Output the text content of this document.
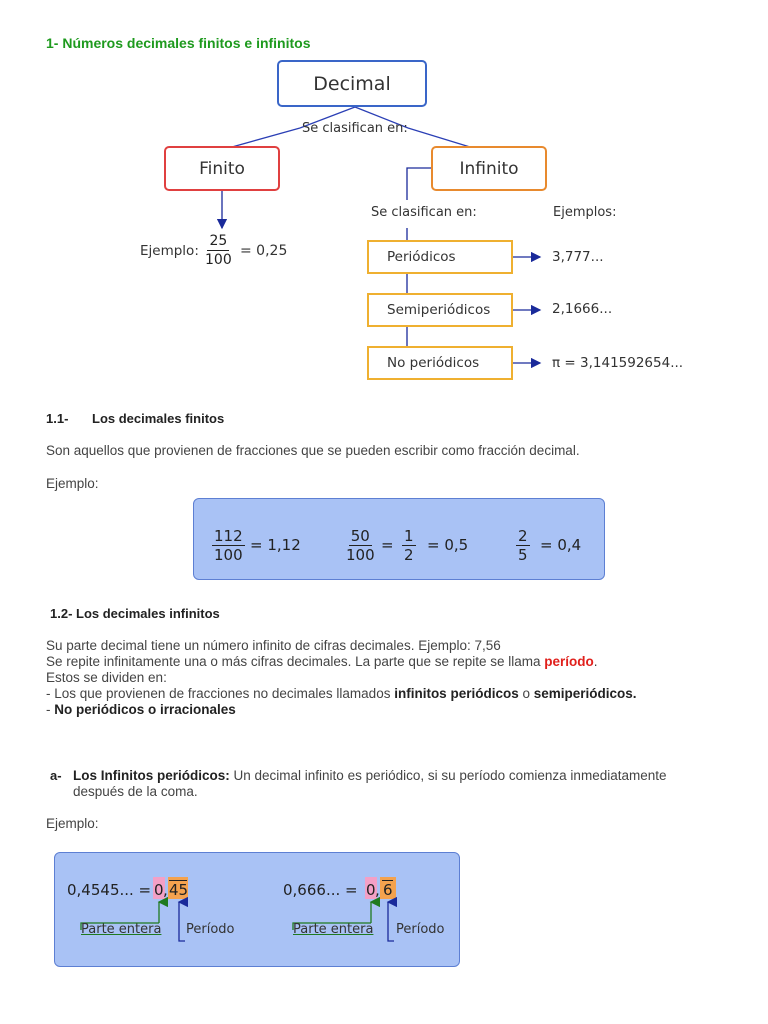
1- Números decimales finitos e infinitos
Decimal
Se clasifican en:
Finito	Infinito
Ejemplo: $\frac{25}{100} = 0,25$
Se clasifican en:	Ejemplos:
Periódicos
Semiperiódicos
No periódicos
3,777...
2,1666...
π = 3,141592654...
1.1- Los decimales finitos
Son aquellos que provienen de fracciones que se pueden escribir como fracción decimal.
Ejemplo:
$\frac{112}{100} = 1,12$	$\frac{50}{100} = \frac{1}{2} = 0,5$	$\frac{2}{5} = 0,4$
1.2- Los decimales infinitos
Su parte decimal tiene un número infinito de cifras decimales. Ejemplo: 7,56
Se repite infinitamente una o más cifras decimales. La parte que se repite se llama período.
Estos se dividen en:
- Los que provienen de fracciones no decimales llamados infinitos periódicos o semiperiódicos.
- No periódicos o irracionales
a- Los Infinitos periódicos: Un decimal infinito es periódico, si su período comienza inmediatamente
después de la coma.
Ejemplo:
0,4545... = 0 , 45	0,666... = 0 , 6
Parte entera Período	Parte entera Período
